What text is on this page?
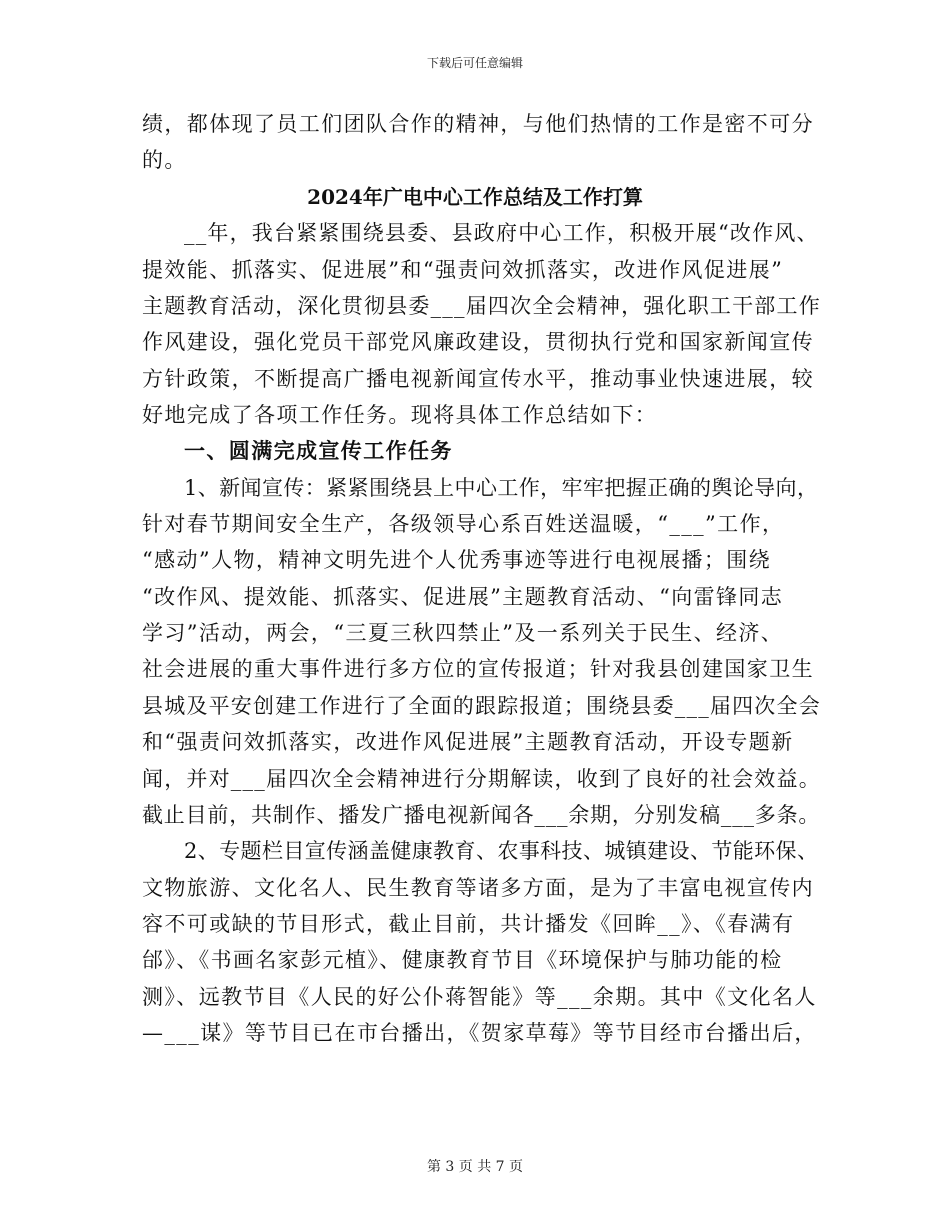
下载后可任意编辑
绩，都体现了员工们团队合作的精神，与他们热情的工作是密不可分
的。
2024年广电中心工作总结及工作打算
__年，我台紧紧围绕县委、县政府中心工作，积极开展“改作风、
提效能、抓落实、促进展”和“强责问效抓落实，改进作风促进展”
主题教育活动，深化贯彻县委___届四次全会精神，强化职工干部工作
作风建设，强化党员干部党风廉政建设，贯彻执行党和国家新闻宣传
方针政策，不断提高广播电视新闻宣传水平，推动事业快速进展，较
好地完成了各项工作任务。现将具体工作总结如下：
一、圆满完成宣传工作任务
1、新闻宣传：紧紧围绕县上中心工作，牢牢把握正确的舆论导向，
针对春节期间安全生产，各级领导心系百姓送温暖，“___”工作，
“感动”人物，精神文明先进个人优秀事迹等进行电视展播；围绕
“改作风、提效能、抓落实、促进展”主题教育活动、“向雷锋同志
学习”活动，两会，“三夏三秋四禁止”及一系列关于民生、经济、
社会进展的重大事件进行多方位的宣传报道；针对我县创建国家卫生
县城及平安创建工作进行了全面的跟踪报道；围绕县委___届四次全会
和“强责问效抓落实，改进作风促进展”主题教育活动，开设专题新
闻，并对___届四次全会精神进行分期解读，收到了良好的社会效益。
截止目前，共制作、播发广播电视新闻各___余期，分别发稿___多条。
2、专题栏目宣传涵盖健康教育、农事科技、城镇建设、节能环保、
文物旅游、文化名人、民生教育等诸多方面，是为了丰富电视宣传内
容不可或缺的节目形式，截止目前，共计播发《回眸__》、《春满有
邰》、《书画名家彭元植》、健康教育节目《环境保护与肺功能的检
测》、远教节目《人民的好公仆蒋智能》等___余期。其中《文化名人
—___谋》等节目已在市台播出，《贺家草莓》等节目经市台播出后，
第 3 页 共 7 页
